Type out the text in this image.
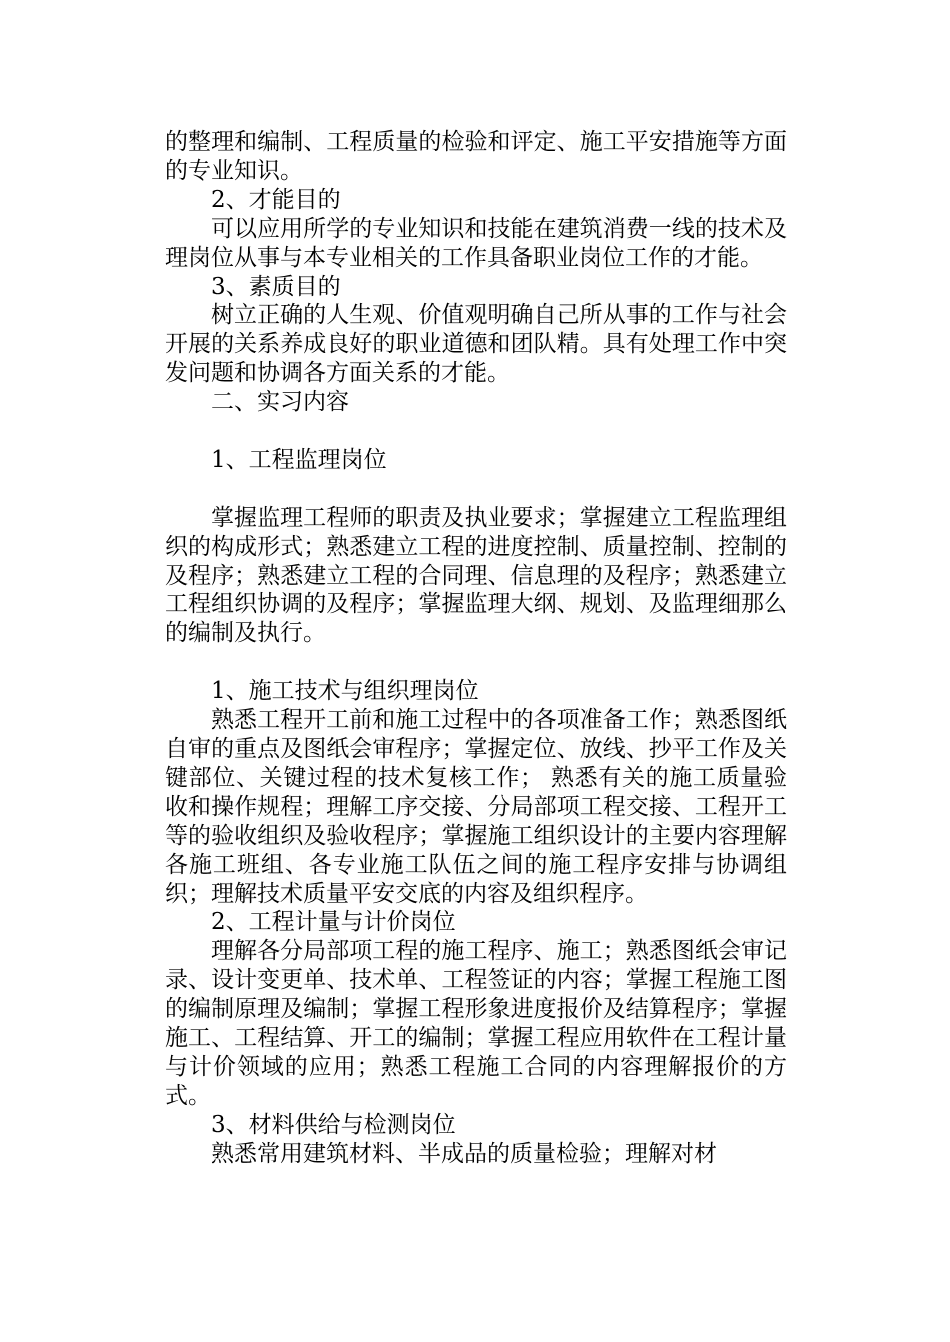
的整理和编制、工程质量的检验和评定、施工平安措施等方面的专业知识。

2、才能目的

可以应用所学的专业知识和技能在建筑消费一线的技术及理岗位从事与本专业相关的工作具备职业岗位工作的才能。

3、素质目的

树立正确的人生观、价值观明确自己所从事的工作与社会开展的关系养成良好的职业道德和团队精。具有处理工作中突发问题和协调各方面关系的才能。

二、实习内容

1、工程监理岗位

掌握监理工程师的职责及执业要求；掌握建立工程监理组织的构成形式；熟悉建立工程的进度控制、质量控制、控制的及程序；熟悉建立工程的合同理、信息理的及程序；熟悉建立工程组织协调的及程序；掌握监理大纲、规划、及监理细那么的编制及执行。

1、施工技术与组织理岗位

熟悉工程开工前和施工过程中的各项准备工作；熟悉图纸自审的重点及图纸会审程序；掌握定位、放线、抄平工作及关键部位、关键过程的技术复核工作； 熟悉有关的施工质量验收和操作规程；理解工序交接、分局部项工程交接、工程开工等的验收组织及验收程序；掌握施工组织设计的主要内容理解各施工班组、各专业施工队伍之间的施工程序安排与协调组织；理解技术质量平安交底的内容及组织程序。

2、工程计量与计价岗位

理解各分局部项工程的施工程序、施工；熟悉图纸会审记录、设计变更单、技术单、工程签证的内容；掌握工程施工图的编制原理及编制；掌握工程形象进度报价及结算程序；掌握施工、工程结算、开工的编制；掌握工程应用软件在工程计量与计价领域的应用；熟悉工程施工合同的内容理解报价的方式。

3、材料供给与检测岗位

熟悉常用建筑材料、半成品的质量检验；理解对材
